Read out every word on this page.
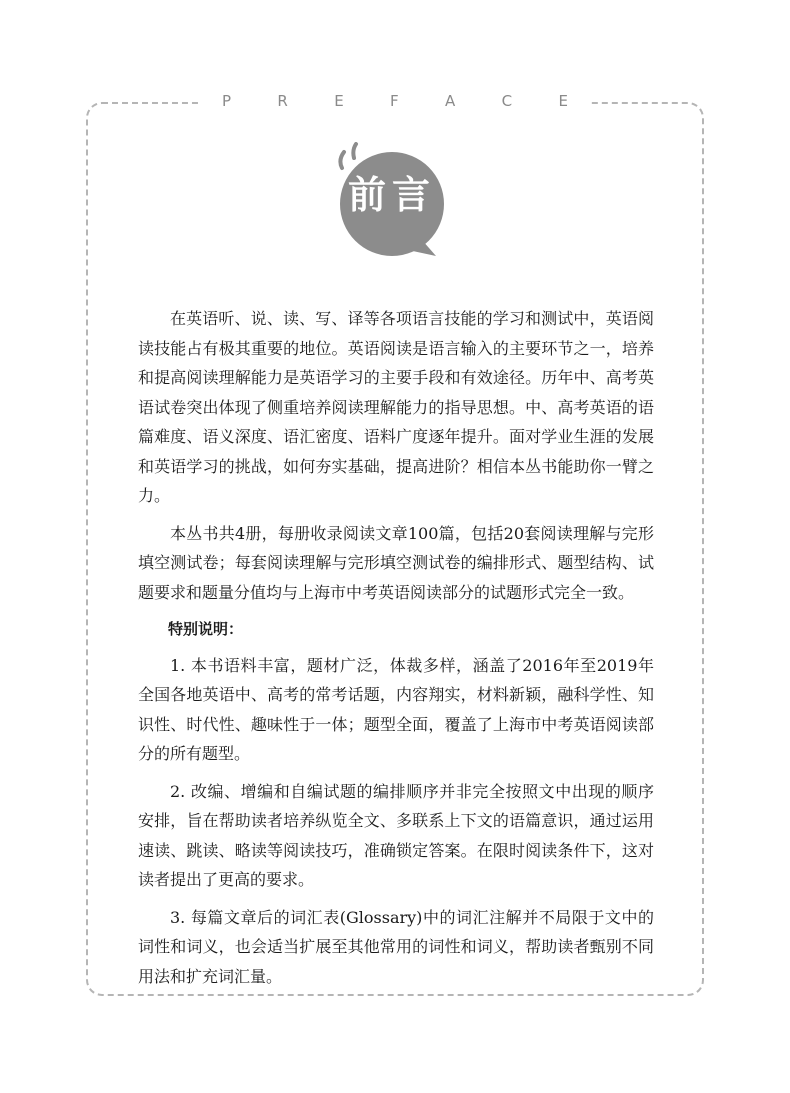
P	R	E	F	A	C	E
前言

在英语听、说、读、写、译等各项语言技能的学习和测试中，英语阅读技能占有极其重要的地位。英语阅读是语言输入的主要环节之一，培养和提高阅读理解能力是英语学习的主要手段和有效途径。历年中、高考英语试卷突出体现了侧重培养阅读理解能力的指导思想。中、高考英语的语篇难度、语义深度、语汇密度、语料广度逐年提升。面对学业生涯的发展和英语学习的挑战，如何夯实基础，提高进阶？相信本丛书能助你一臂之力。

本丛书共4册，每册收录阅读文章100篇，包括20套阅读理解与完形填空测试卷；每套阅读理解与完形填空测试卷的编排形式、题型结构、试题要求和题量分值均与上海市中考英语阅读部分的试题形式完全一致。

特别说明：

1. 本书语料丰富，题材广泛，体裁多样，涵盖了2016年至2019年全国各地英语中、高考的常考话题，内容翔实，材料新颖，融科学性、知识性、时代性、趣味性于一体；题型全面，覆盖了上海市中考英语阅读部分的所有题型。

2. 改编、增编和自编试题的编排顺序并非完全按照文中出现的顺序安排，旨在帮助读者培养纵览全文、多联系上下文的语篇意识，通过运用速读、跳读、略读等阅读技巧，准确锁定答案。在限时阅读条件下，这对读者提出了更高的要求。

3. 每篇文章后的词汇表(Glossary)中的词汇注解并不局限于文中的词性和词义，也会适当扩展至其他常用的词性和词义，帮助读者甄别不同用法和扩充词汇量。
